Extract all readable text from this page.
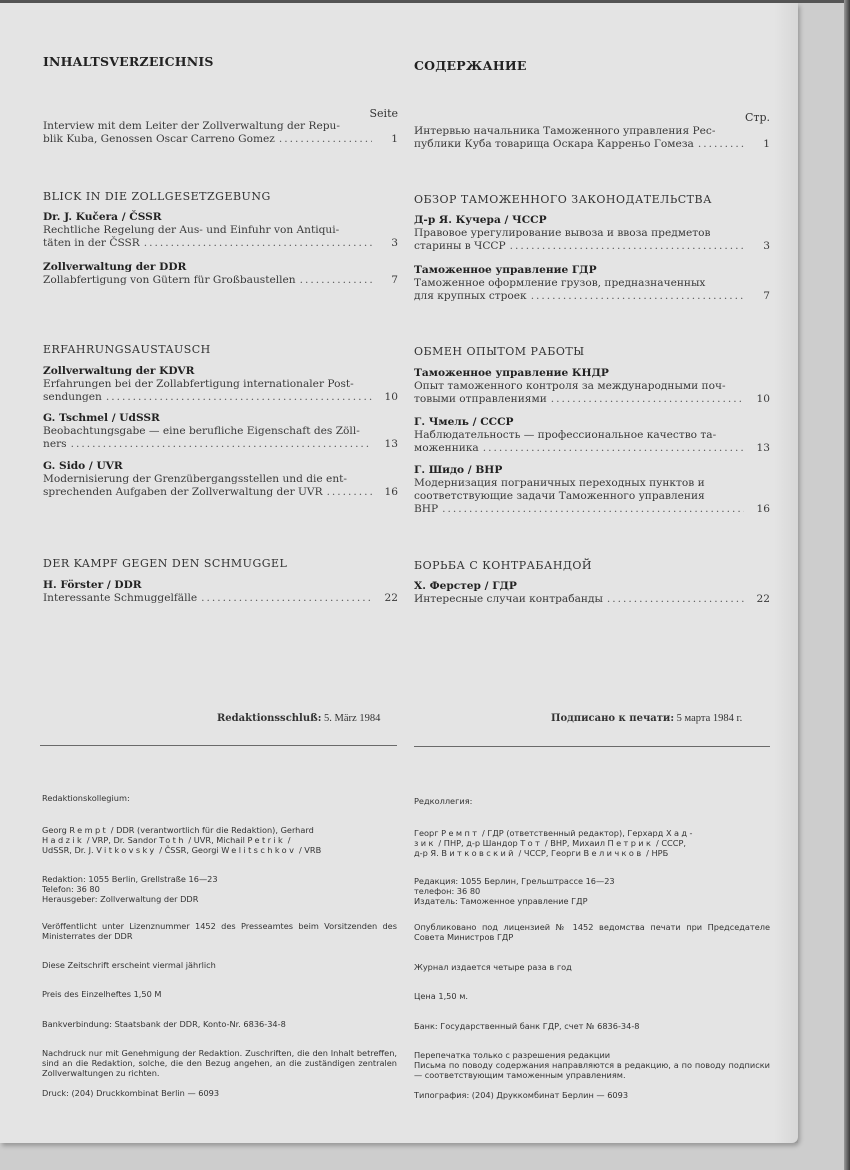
INHALTSVERZEICHNIS
Seite
Interview mit dem Leiter der Zollverwaltung der Repu-
blik Kuba, Genossen Oscar Carreno Gomez .....	1
BLICK IN DIE ZOLLGESETZGEBUNG
Dr. J. Kučera / ČSSR
Rechtliche Regelung der Aus- und Einfuhr von Antiqui-
täten in der ČSSR .....	3
Zollverwaltung der DDR
Zollabfertigung von Gütern für Großbaustellen .....	7
ERFAHRUNGSAUSTAUSCH
Zollverwaltung der KDVR
Erfahrungen bei der Zollabfertigung internationaler Post-
sendungen .....	10
G. Tschmel / UdSSR
Beobachtungsgabe — eine berufliche Eigenschaft des Zöll-
ners .....	13
G. Sido / UVR
Modernisierung der Grenzübergangsstellen und die ent-
sprechenden Aufgaben der Zollverwaltung der UVR .....	16
DER KAMPF GEGEN DEN SCHMUGGEL
H. Förster / DDR
Interessante Schmuggelfälle .....	22
СОДЕРЖАНИЕ
Стр.
Интервью начальника Таможенного управления Рес-
публики Куба товарища Оскара Карреньо Гомеза .....	1
ОБЗОР ТАМОЖЕННОГО ЗАКОНОДАТЕЛЬСТВА
Д-р Я. Кучера / ЧССР
Правовое урегулирование вывоза и ввоза предметов
старины в ЧССР .....	3
Таможенное управление ГДР
Таможенное оформление грузов, предназначенных
для крупных строек .....	7
ОБМЕН ОПЫТОМ РАБОТЫ
Таможенное управление КНДР
Опыт таможенного контроля за международными поч-
товыми отправлениями .....	10
Г. Чмель / СССР
Наблюдательность — профессиональное качество та-
моженника .....	13
Г. Шидо / ВНР
Модернизация пограничных переходных пунктов и
соответствующие задачи Таможенного управления
ВНР .....	16
БОРЬБА С КОНТРАБАНДОЙ
Х. Ферстер / ГДР
Интересные случаи контрабанды .....	22
Redaktionsschluß: 5. März 1984	Подписано к печати: 5 марта 1984 г.
Redaktionskollegium:
Georg Rempt / DDR (verantwortlich für die Redaktion), Gerhard
Hadzik / VRP, Dr. Sandor Toth / UVR, Michail Petrik /
UdSSR, Dr. J. Vitkovsky / ČSSR, Georgi Welitschkov / VRB
Redaktion: 1055 Berlin, Grellstraße 16—23
Telefon: 36 80
Herausgeber: Zollverwaltung der DDR
Veröffentlicht unter Lizenznummer 1452 des Presseamtes beim Vorsitzenden des Ministerrates der DDR
Diese Zeitschrift erscheint viermal jährlich
Preis des Einzelheftes 1,50 M
Bankverbindung: Staatsbank der DDR, Konto-Nr. 6836-34-8
Nachdruck nur mit Genehmigung der Redaktion. Zuschriften, die den Inhalt betreffen, sind an die Redaktion, solche, die den Bezug angehen, an die zuständigen zentralen Zollverwaltungen zu richten.
Druck: (204) Druckkombinat Berlin — 6093
Редколлегия:
Георг Ремпт / ГДР (ответственный редактор), Герхард Хад-
зик / ПНР, д-р Шандор Тот / ВНР, Михаил Петрик / СССР,
д-р Я. Витковский / ЧССР, Георги Величков / НРБ
Редакция: 1055 Берлин, Грельштрассе 16—23
телефон: 36 80
Издатель: Таможенное управление ГДР
Опубликовано под лицензией № 1452 ведомства печати при Председателе Совета Министров ГДР
Журнал издается четыре раза в год
Цена 1,50 м.
Банк: Государственный банк ГДР, счет № 6836-34-8
Перепечатка только с разрешения редакции
Письма по поводу содержания направляются в редакцию, а по поводу подписки — соответствующим таможенным управлениям.
Типография: (204) Друккомбинат Берлин — 6093
